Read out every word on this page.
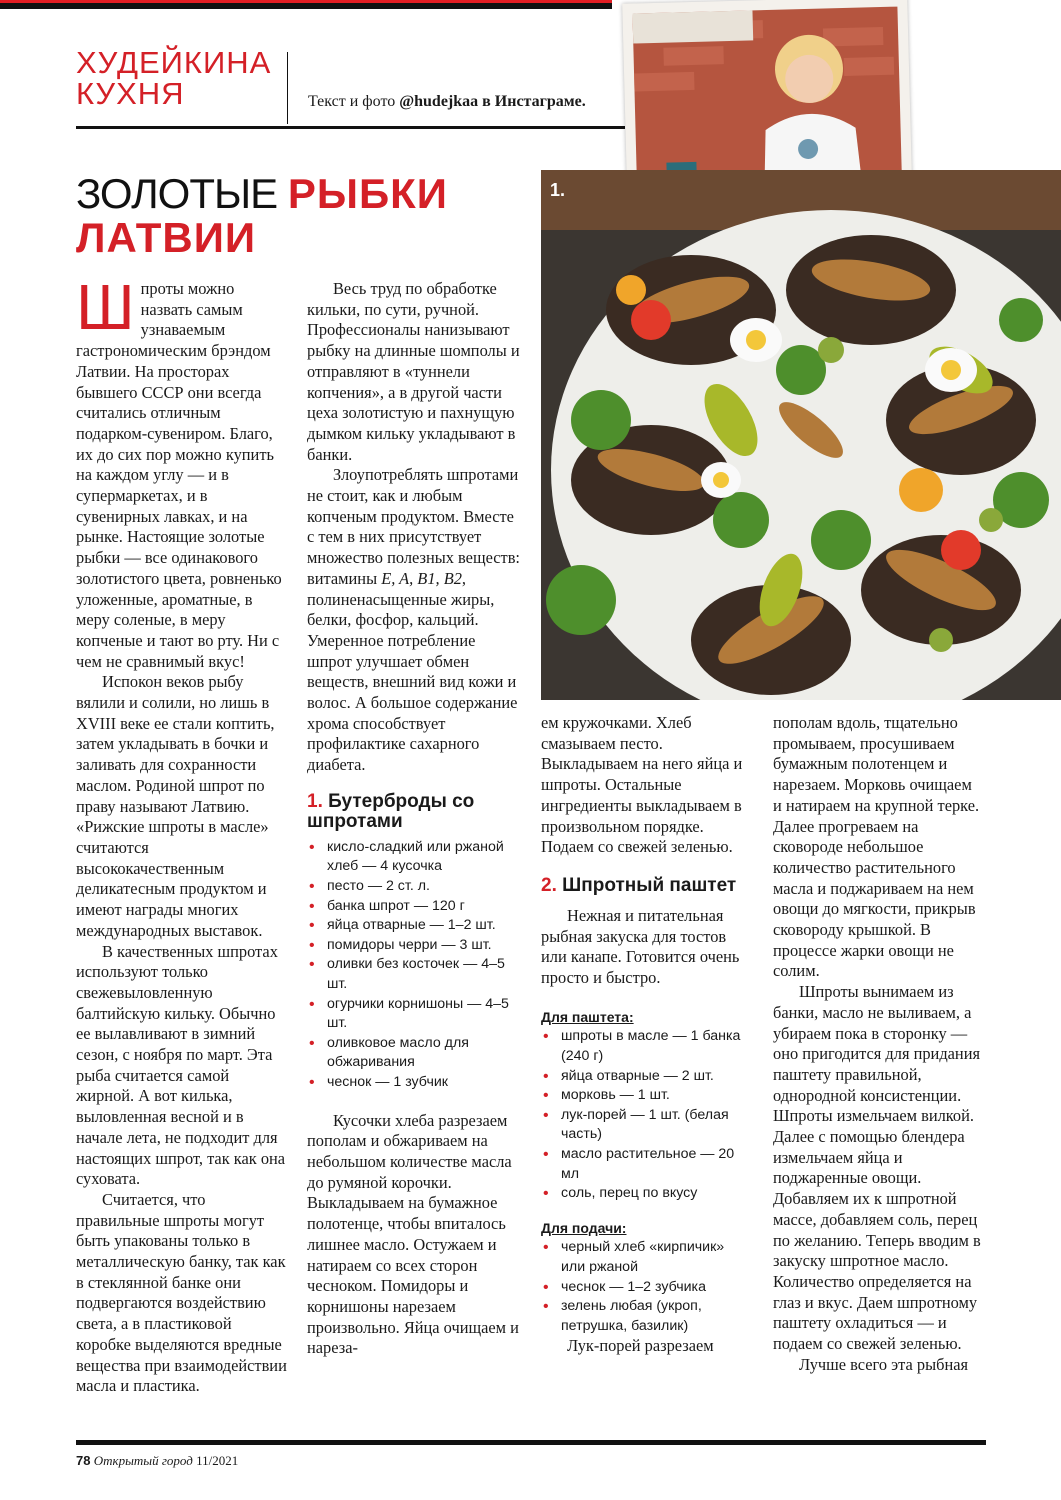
ХУДЕЙКИНА
КУХНЯ	Текст и фото @hudejkaa в Инстаграме.
ЗОЛОТЫЕ РЫБКИ
ЛАТВИИ
1.

Шпроты можно назвать самым узнаваемым гастрономическим брэндом Латвии. На просторах бывшего СССР они всегда считались отличным подарком-сувениром. Благо, их до сих пор можно купить на каждом углу — и в супермаркетах, и в сувенирных лавках, и на рынке. Настоящие золотые рыбки — все одинакового золотистого цвета, ровненько уложенные, ароматные, в меру соленые, в меру копченые и тают во рту. Ни с чем не сравнимый вкус!

Испокон веков рыбу вялили и солили, но лишь в XVIII веке ее стали коптить, затем укладывать в бочки и заливать для сохранности маслом. Родиной шпрот по праву называют Латвию. «Рижские шпроты в масле» считаются высококачественным деликатесным продуктом и имеют награды многих международных выставок.

В качественных шпротах используют только свежевыловленную балтийскую кильку. Обычно ее вылавливают в зимний сезон, с ноября по март. Эта рыба считается самой жирной. А вот килька, выловленная весной и в начале лета, не подходит для настоящих шпрот, так как она суховата.

Считается, что правильные шпроты могут быть упакованы только в металлическую банку, так как в стеклянной банке они подвергаются воздействию света, а в пластиковой коробке выделяются вредные вещества при взаимодействии масла и пластика.

Весь труд по обработке кильки, по сути, ручной. Профессионалы нанизывают рыбку на длинные шомполы и отправляют в «туннели копчения», а в другой части цеха золотистую и пахнущую дымком кильку укладывают в банки.

Злоупотреблять шпротами не стоит, как и любым копченым продуктом. Вместе с тем в них присутствует множество полезных веществ: витамины E, A, B1, B2, полиненасыщенные жиры, белки, фосфор, кальций. Умеренное потребление шпрот улучшает обмен веществ, внешний вид кожи и волос. А большое содержание хрома способствует профилактике сахарного диабета.

1. Бутерброды со шпротами

• кисло-сладкий или ржаной хлеб — 4 кусочка
• песто — 2 ст. л.
• банка шпрот — 120 г
• яйца отварные — 1–2 шт.
• помидоры черри — 3 шт.
• оливки без косточек — 4–5 шт.
• огурчики корнишоны — 4–5 шт.
• оливковое масло для обжаривания
• чеснок — 1 зубчик

Кусочки хлеба разрезаем пополам и обжариваем на небольшом количестве масла до румяной корочки. Выкладываем на бумажное полотенце, чтобы впиталось лишнее масло. Остужаем и натираем со всех сторон чесноком. Помидоры и корнишоны нарезаем произвольно. Яйца очищаем и нареза-

ем кружочками. Хлеб смазываем песто. Выкладываем на него яйца и шпроты. Остальные ингредиенты выкладываем в произвольном порядке. Подаем со свежей зеленью.

2. Шпротный паштет

Нежная и питательная рыбная закуска для тостов или канапе. Готовится очень просто и быстро.

Для паштета:

• шпроты в масле — 1 банка (240 г)
• яйца отварные — 2 шт.
• морковь — 1 шт.
• лук-порей — 1 шт. (белая часть)
• масло растительное — 20 мл
• соль, перец по вкусу

Для подачи:

• черный хлеб «кирпичик» или ржаной
• чеснок — 1–2 зубчика
• зелень любая (укроп, петрушка, базилик)

Лук-порей разрезаем

пополам вдоль, тщательно промываем, просушиваем бумажным полотенцем и нарезаем. Морковь очищаем и натираем на крупной терке. Далее прогреваем на сковороде небольшое количество растительного масла и поджариваем на нем овощи до мягкости, прикрыв сковороду крышкой. В процессе жарки овощи не солим.

Шпроты вынимаем из банки, масло не выливаем, а убираем пока в сторонку — оно пригодится для придания паштету правильной, однородной консистенции. Шпроты измельчаем вилкой. Далее с помощью блендера измельчаем яйца и поджаренные овощи. Добавляем их к шпротной массе, добавляем соль, перец по желанию. Теперь вводим в закуску шпротное масло. Количество определяется на глаз и вкус. Даем шпротному паштету охладиться — и подаем со свежей зеленью.

Лучше всего эта рыбная

78 Открытый город 11/2021
